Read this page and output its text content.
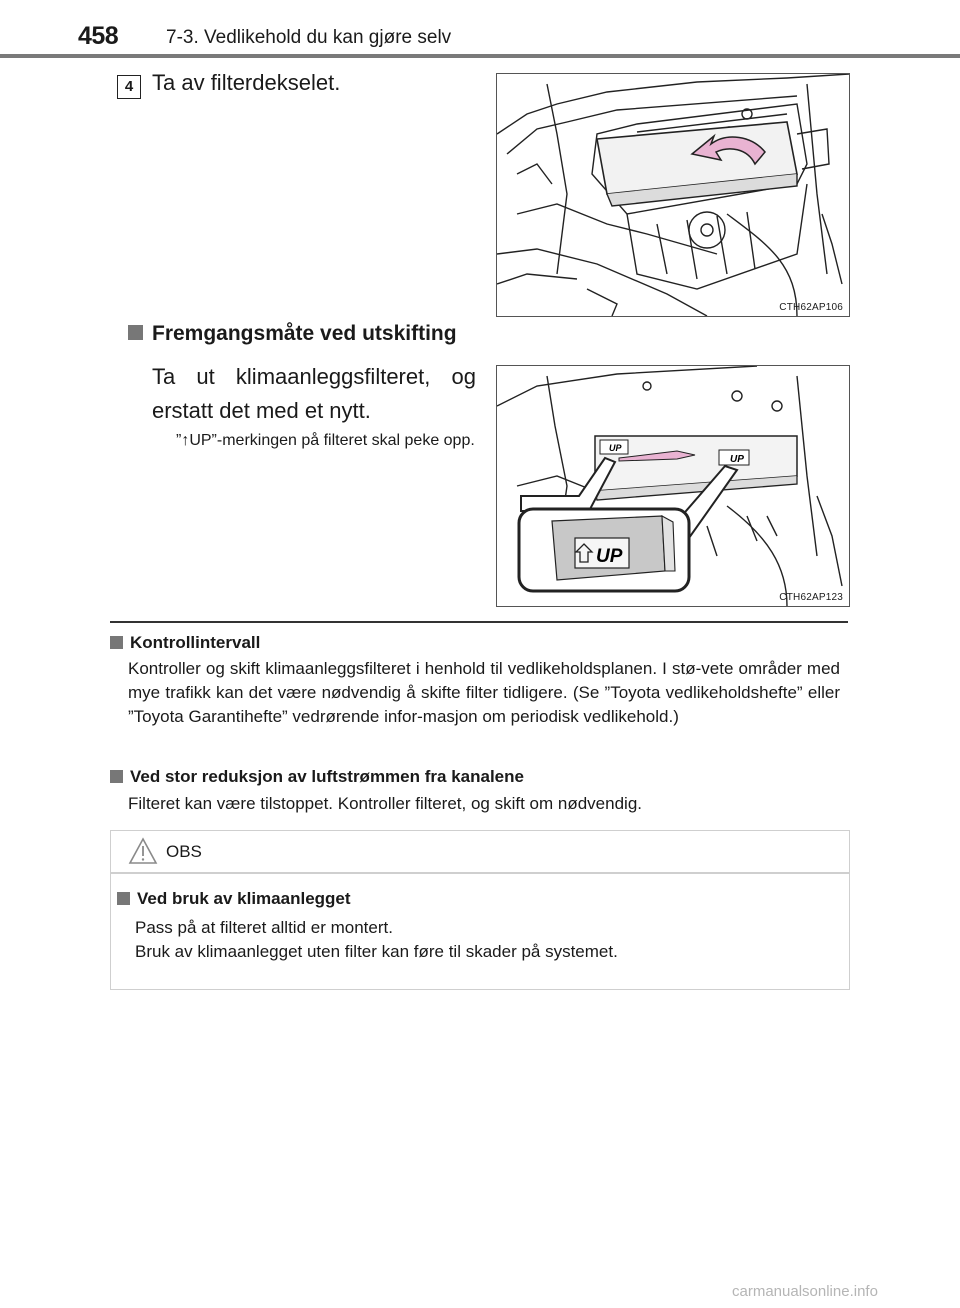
458	7-3. Vedlikehold du kan gjøre selv
4 Ta av filterdekselet.
CTH62AP106
Fremgangsmåte ved utskifting
Ta ut klimaanleggsfilteret, og erstatt det med et nytt.
”↑UP”-merkingen på filteret skal peke opp.	UP
UP
UP
CTH62AP123
Kontrollintervall
Kontroller og skift klimaanleggsfilteret i henhold til vedlikeholdsplanen. I stø-vete områder med mye trafikk kan det være nødvendig å skifte filter tidligere. (Se ”Toyota vedlikeholdshefte” eller ”Toyota Garantihefte” vedrørende infor-masjon om periodisk vedlikehold.)
Ved stor reduksjon av luftstrømmen fra kanalene
Filteret kan være tilstoppet. Kontroller filteret, og skift om nødvendig.
OBS
Ved bruk av klimaanlegget
Pass på at filteret alltid er montert.
Bruk av klimaanlegget uten filter kan føre til skader på systemet.
carmanualsonline.info
